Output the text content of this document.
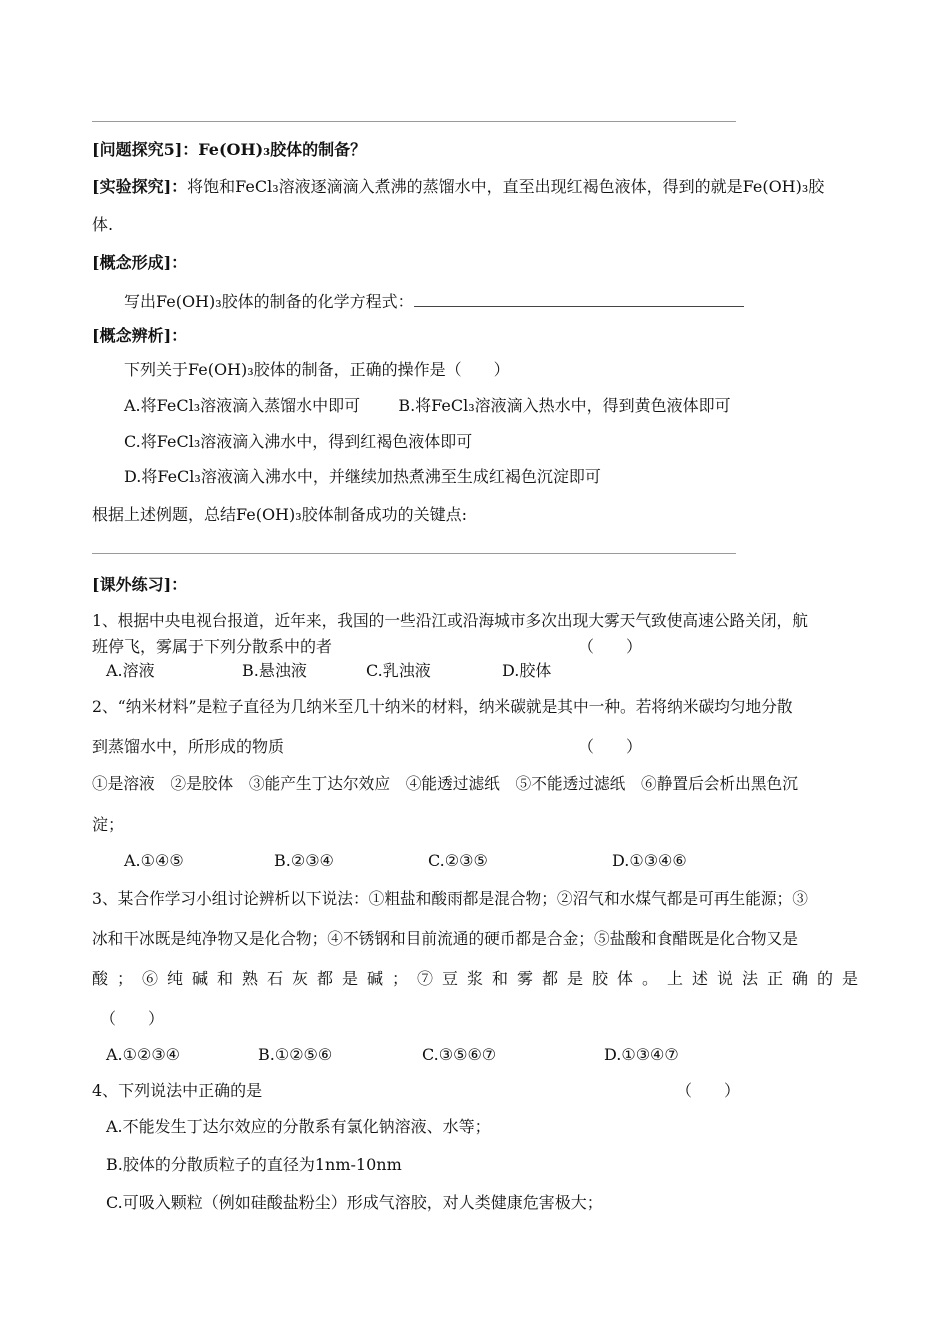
[问题探究5]：Fe(OH)₃胶体的制备？
[实验探究]：将饱和FeCl₃溶液逐滴滴入煮沸的蒸馏水中，直至出现红褐色液体，得到的就是Fe(OH)₃胶
体.
[概念形成]：
写出Fe(OH)₃胶体的制备的化学方程式：
[概念辨析]：
下列关于Fe(OH)₃胶体的制备，正确的操作是（　　）
A.将FeCl₃溶液滴入蒸馏水中即可 B.将FeCl₃溶液滴入热水中，得到黄色液体即可
C.将FeCl₃溶液滴入沸水中，得到红褐色液体即可
D.将FeCl₃溶液滴入沸水中，并继续加热煮沸至生成红褐色沉淀即可
根据上述例题，总结Fe(OH)₃胶体制备成功的关键点:
[课外练习]：
1、根据中央电视台报道，近年来，我国的一些沿江或沿海城市多次出现大雾天气致使高速公路关闭，航
班停飞，雾属于下列分散系中的者	（　　）
A.溶液	B.悬浊液	C.乳浊液	D.胶体
2、“纳米材料”是粒子直径为几纳米至几十纳米的材料，纳米碳就是其中一种。若将纳米碳均匀地分散
到蒸馏水中，所形成的物质	（　　）
①是溶液　②是胶体　③能产生丁达尔效应　④能透过滤纸　⑤不能透过滤纸　⑥静置后会析出黑色沉
淀；
A.①④⑤	B.②③④	C.②③⑤	D.①③④⑥
3、某合作学习小组讨论辨析以下说法：①粗盐和酸雨都是混合物；②沼气和水煤气都是可再生能源；③
冰和干冰既是纯净物又是化合物；④不锈钢和目前流通的硬币都是合金；⑤盐酸和食醋既是化合物又是
酸；⑥纯碱和熟石灰都是碱；⑦豆浆和雾都是胶体。上述说法正确的是
（　　）
A.①②③④	B.①②⑤⑥	C.③⑤⑥⑦	D.①③④⑦
4、下列说法中正确的是	（　　）
A.不能发生丁达尔效应的分散系有氯化钠溶液、水等；
B.胶体的分散质粒子的直径为1nm-10nm
C.可吸入颗粒（例如硅酸盐粉尘）形成气溶胶，对人类健康危害极大；
